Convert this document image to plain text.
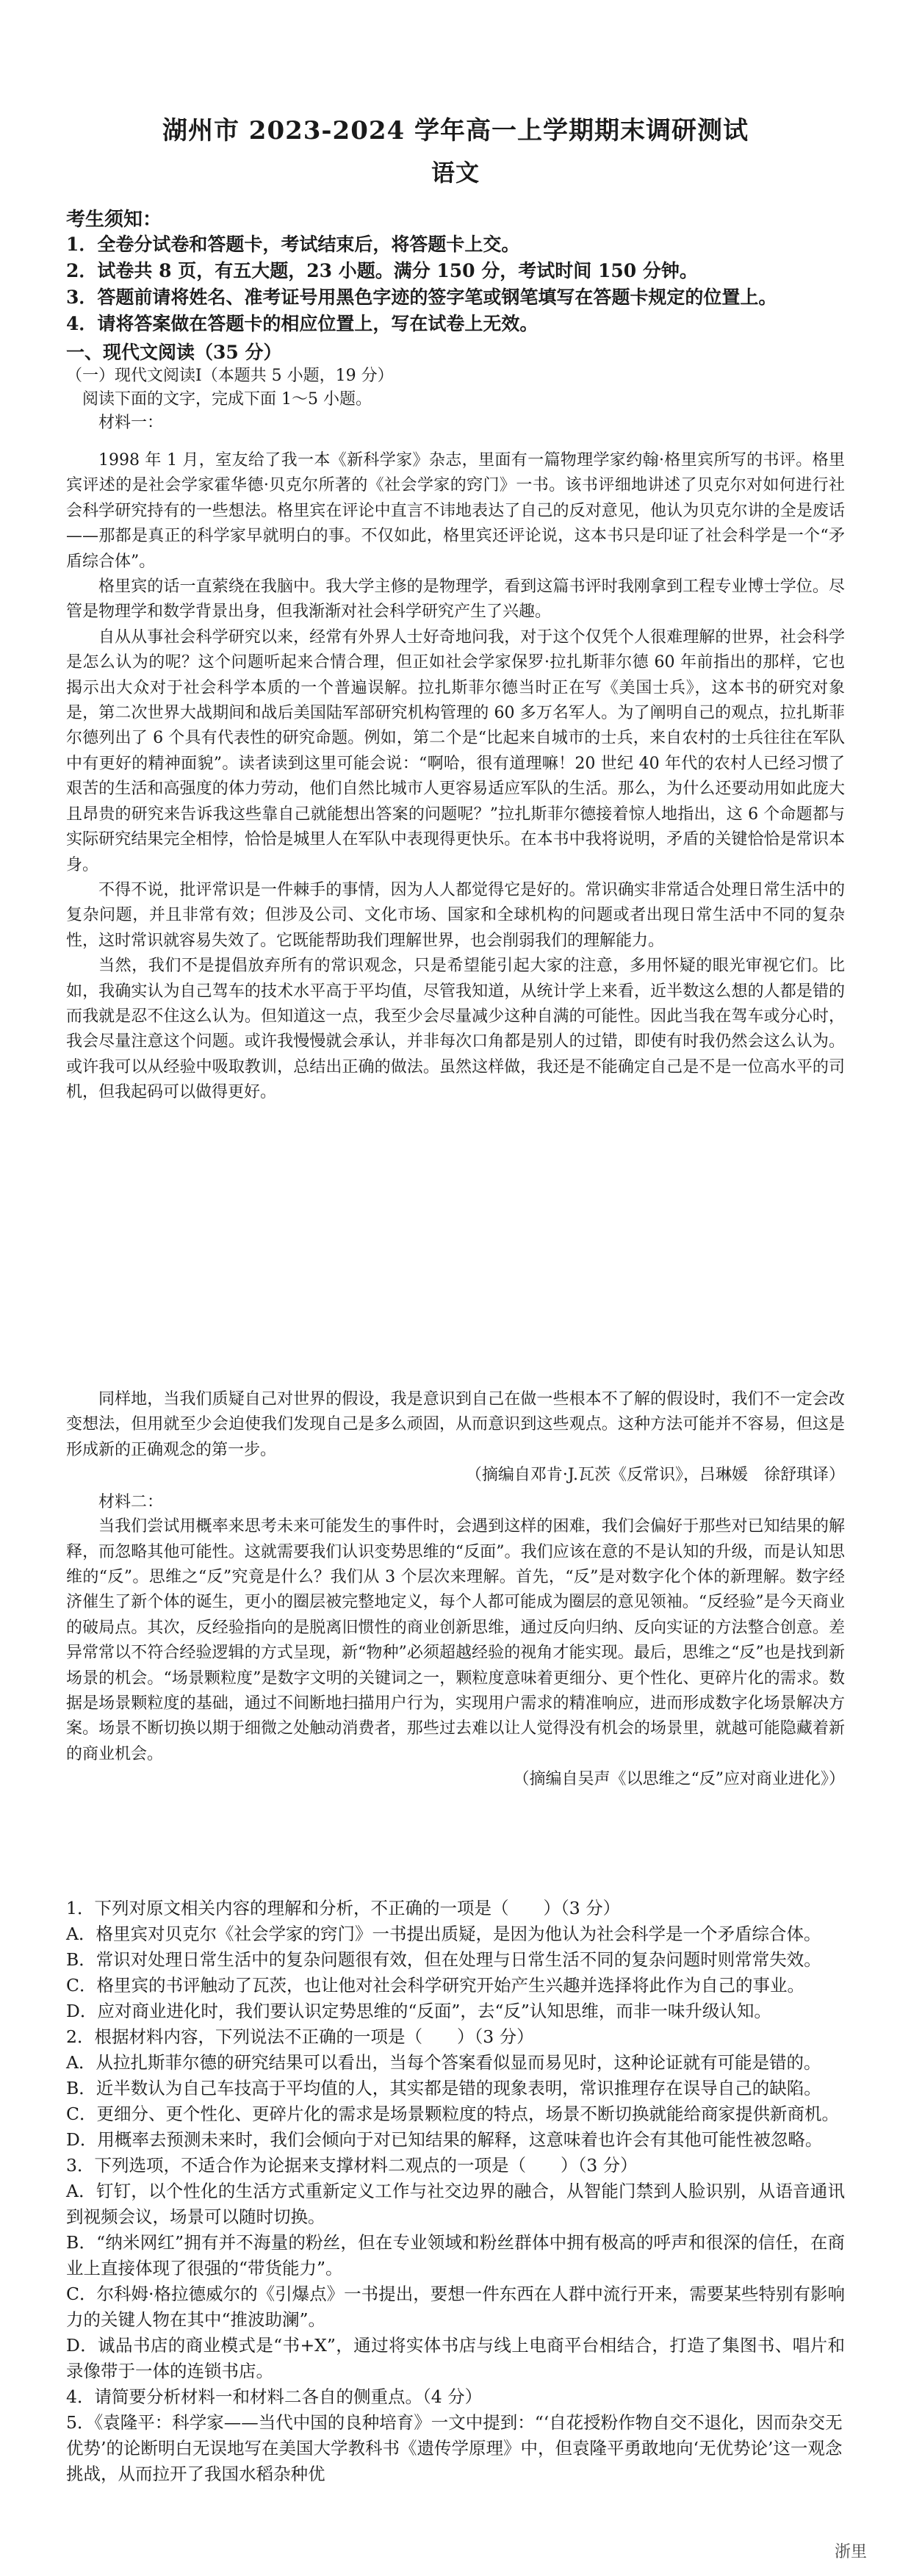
湖州市 2023-2024 学年高一上学期期末调研测试
语文
考生须知：
1．全卷分试卷和答题卡，考试结束后，将答题卡上交。
2．试卷共 8 页，有五大题，23 小题。满分 150 分，考试时间 150 分钟。
3．答题前请将姓名、准考证号用黑色字迹的签字笔或钢笔填写在答题卡规定的位置上。
4．请将答案做在答题卡的相应位置上，写在试卷上无效。
一、现代文阅读（35 分）
（一）现代文阅读Ⅰ（本题共 5 小题，19 分）
阅读下面的文字，完成下面 1～5 小题。
材料一：

1998 年 1 月，室友给了我一本《新科学家》杂志，里面有一篇物理学家约翰·格里宾所写的书评。格里宾评述的是社会学家霍华德·贝克尔所著的《社会学家的窍门》一书。该书评细地讲述了贝克尔对如何进行社会科学研究持有的一些想法。格里宾在评论中直言不讳地表达了自己的反对意见，他认为贝克尔讲的全是废话——那都是真正的科学家早就明白的事。不仅如此，格里宾还评论说，这本书只是印证了社会科学是一个“矛盾综合体”。

格里宾的话一直萦绕在我脑中。我大学主修的是物理学，看到这篇书评时我刚拿到工程专业博士学位。尽管是物理学和数学背景出身，但我渐渐对社会科学研究产生了兴趣。

自从从事社会科学研究以来，经常有外界人士好奇地问我，对于这个仅凭个人很难理解的世界，社会科学是怎么认为的呢？这个问题听起来合情合理，但正如社会学家保罗·拉扎斯菲尔德 60 年前指出的那样，它也揭示出大众对于社会科学本质的一个普遍误解。拉扎斯菲尔德当时正在写《美国士兵》，这本书的研究对象是，第二次世界大战期间和战后美国陆军部研究机构管理的 60 多万名军人。为了阐明自己的观点，拉扎斯菲尔德列出了 6 个具有代表性的研究命题。例如，第二个是“比起来自城市的士兵，来自农村的士兵往往在军队中有更好的精神面貌”。读者读到这里可能会说：“啊哈，很有道理嘛！20 世纪 40 年代的农村人已经习惯了艰苦的生活和高强度的体力劳动，他们自然比城市人更容易适应军队的生活。那么，为什么还要动用如此庞大且昂贵的研究来告诉我这些靠自己就能想出答案的问题呢？”拉扎斯菲尔德接着惊人地指出，这 6 个命题都与实际研究结果完全相悖，恰恰是城里人在军队中表现得更快乐。在本书中我将说明，矛盾的关键恰恰是常识本身。

不得不说，批评常识是一件棘手的事情，因为人人都觉得它是好的。常识确实非常适合处理日常生活中的复杂问题，并且非常有效；但涉及公司、文化市场、国家和全球机构的问题或者出现日常生活中不同的复杂性，这时常识就容易失效了。它既能帮助我们理解世界，也会削弱我们的理解能力。

当然，我们不是提倡放弃所有的常识观念，只是希望能引起大家的注意，多用怀疑的眼光审视它们。比如，我确实认为自己驾车的技术水平高于平均值，尽管我知道，从统计学上来看，近半数这么想的人都是错的而我就是忍不住这么认为。但知道这一点，我至少会尽量减少这种自满的可能性。因此当我在驾车或分心时，我会尽量注意这个问题。或许我慢慢就会承认，并非每次口角都是别人的过错，即使有时我仍然会这么认为。或许我可以从经验中吸取教训，总结出正确的做法。虽然这样做，我还是不能确定自己是不是一位高水平的司机，但我起码可以做得更好。

同样地，当我们质疑自己对世界的假设，我是意识到自己在做一些根本不了解的假设时，我们不一定会改变想法，但用就至少会迫使我们发现自己是多么顽固，从而意识到这些观点。这种方法可能并不容易，但这是形成新的正确观念的第一步。

（摘编自邓肯·J.瓦茨《反常识》，吕琳媛　徐舒琪译）
材料二：

当我们尝试用概率来思考未来可能发生的事件时，会遇到这样的困难，我们会偏好于那些对已知结果的解释，而忽略其他可能性。这就需要我们认识变势思维的“反面”。我们应该在意的不是认知的升级，而是认知思维的“反”。思维之“反”究竟是什么？我们从 3 个层次来理解。首先，“反”是对数字化个体的新理解。数字经济催生了新个体的诞生，更小的圈层被完整地定义，每个人都可能成为圈层的意见领袖。“反经验”是今天商业的破局点。其次，反经验指向的是脱离旧惯性的商业创新思维，通过反向归纳、反向实证的方法整合创意。差异常常以不符合经验逻辑的方式呈现，新“物种”必须超越经验的视角才能实现。最后，思维之“反”也是找到新场景的机会。“场景颗粒度”是数字文明的关键词之一，颗粒度意味着更细分、更个性化、更碎片化的需求。数据是场景颗粒度的基础，通过不间断地扫描用户行为，实现用户需求的精准响应，进而形成数字化场景解决方案。场景不断切换以期于细微之处触动消费者，那些过去难以让人觉得没有机会的场景里，就越可能隐藏着新的商业机会。

（摘编自吴声《以思维之“反”应对商业进化》）

1．下列对原文相关内容的理解和分析，不正确的一项是（　　）（3 分）

A．格里宾对贝克尔《社会学家的窍门》一书提出质疑，是因为他认为社会科学是一个矛盾综合体。

B．常识对处理日常生活中的复杂问题很有效，但在处理与日常生活不同的复杂问题时则常常失效。

C．格里宾的书评触动了瓦茨，也让他对社会科学研究开始产生兴趣并选择将此作为自己的事业。

D．应对商业进化时，我们要认识定势思维的“反面”，去“反”认知思维，而非一味升级认知。

2．根据材料内容，下列说法不正确的一项是（　　）（3 分）

A．从拉扎斯菲尔德的研究结果可以看出，当每个答案看似显而易见时，这种论证就有可能是错的。

B．近半数认为自己车技高于平均值的人，其实都是错的现象表明，常识推理存在误导自己的缺陷。

C．更细分、更个性化、更碎片化的需求是场景颗粒度的特点，场景不断切换就能给商家提供新商机。

D．用概率去预测未来时，我们会倾向于对已知结果的解释，这意味着也许会有其他可能性被忽略。

3．下列选项，不适合作为论据来支撑材料二观点的一项是（　　）（3 分）

A．钉钉，以个性化的生活方式重新定义工作与社交边界的融合，从智能门禁到人脸识别，从语音通讯到视频会议，场景可以随时切换。

B．“纳米网红”拥有并不海量的粉丝，但在专业领域和粉丝群体中拥有极高的呼声和很深的信任，在商业上直接体现了很强的“带货能力”。

C．尔科姆·格拉德威尔的《引爆点》一书提出，要想一件东西在人群中流行开来，需要某些特别有影响力的关键人物在其中“推波助澜”。

D．诚品书店的商业模式是“书+X”，通过将实体书店与线上电商平台相结合，打造了集图书、唱片和录像带于一体的连锁书店。

4．请简要分析材料一和材料二各自的侧重点。（4 分）

5．《袁隆平：科学家——当代中国的良种培育》一文中提到：“‘自花授粉作物自交不退化，因而杂交无优势’的论断明白无误地写在美国大学教科书《遗传学原理》中，但袁隆平勇敢地向‘无优势论’这一观念挑战，从而拉开了我国水稻杂种优

浙里
